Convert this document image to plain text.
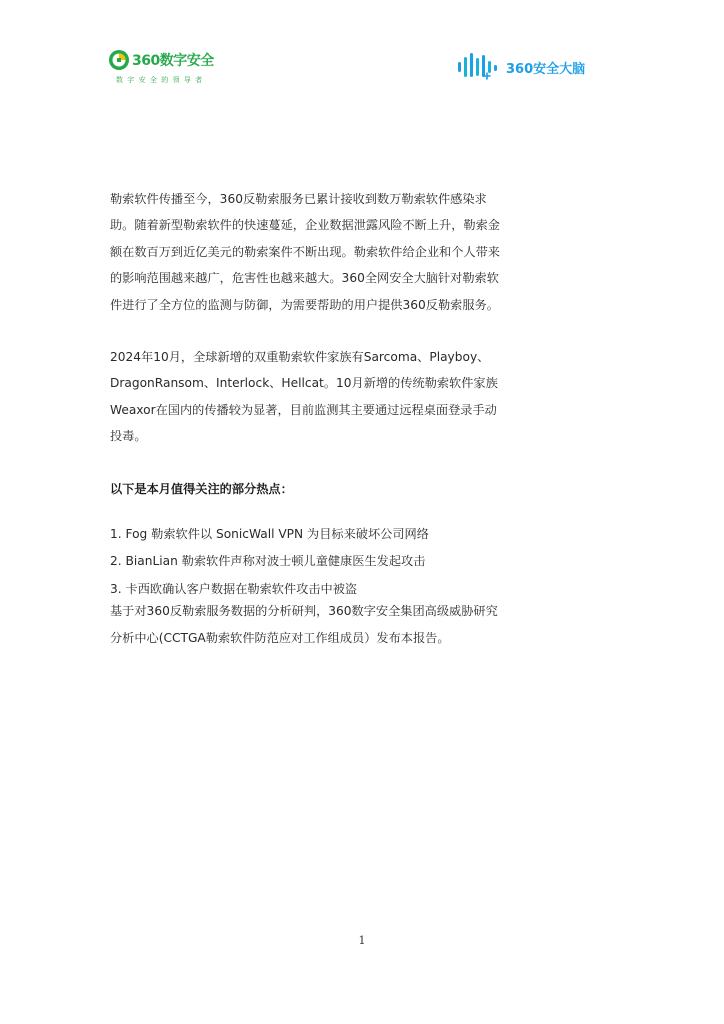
360数字安全
数字安全的领导者
360安全大脑

勒索软件传播至今，360反勒索服务已累计接收到数万勒索软件感染求助。随着新型勒索软件的快速蔓延，企业数据泄露风险不断上升，勒索金额在数百万到近亿美元的勒索案件不断出现。勒索软件给企业和个人带来的影响范围越来越广，危害性也越来越大。360全网安全大脑针对勒索软件进行了全方位的监测与防御，为需要帮助的用户提供360反勒索服务。

2024年10月，全球新增的双重勒索软件家族有Sarcoma、Playboy、DragonRansom、Interlock、Hellcat。10月新增的传统勒索软件家族Weaxor在国内的传播较为显著，目前监测其主要通过远程桌面登录手动投毒。

以下是本月值得关注的部分热点：
1. Fog 勒索软件以 SonicWall VPN 为目标来破坏公司网络
2. BianLian 勒索软件声称对波士顿儿童健康医生发起攻击
3. 卡西欧确认客户数据在勒索软件攻击中被盗

基于对360反勒索服务数据的分析研判，360数字安全集团高级威胁研究分析中心(CCTGA勒索软件防范应对工作组成员）发布本报告。

1
